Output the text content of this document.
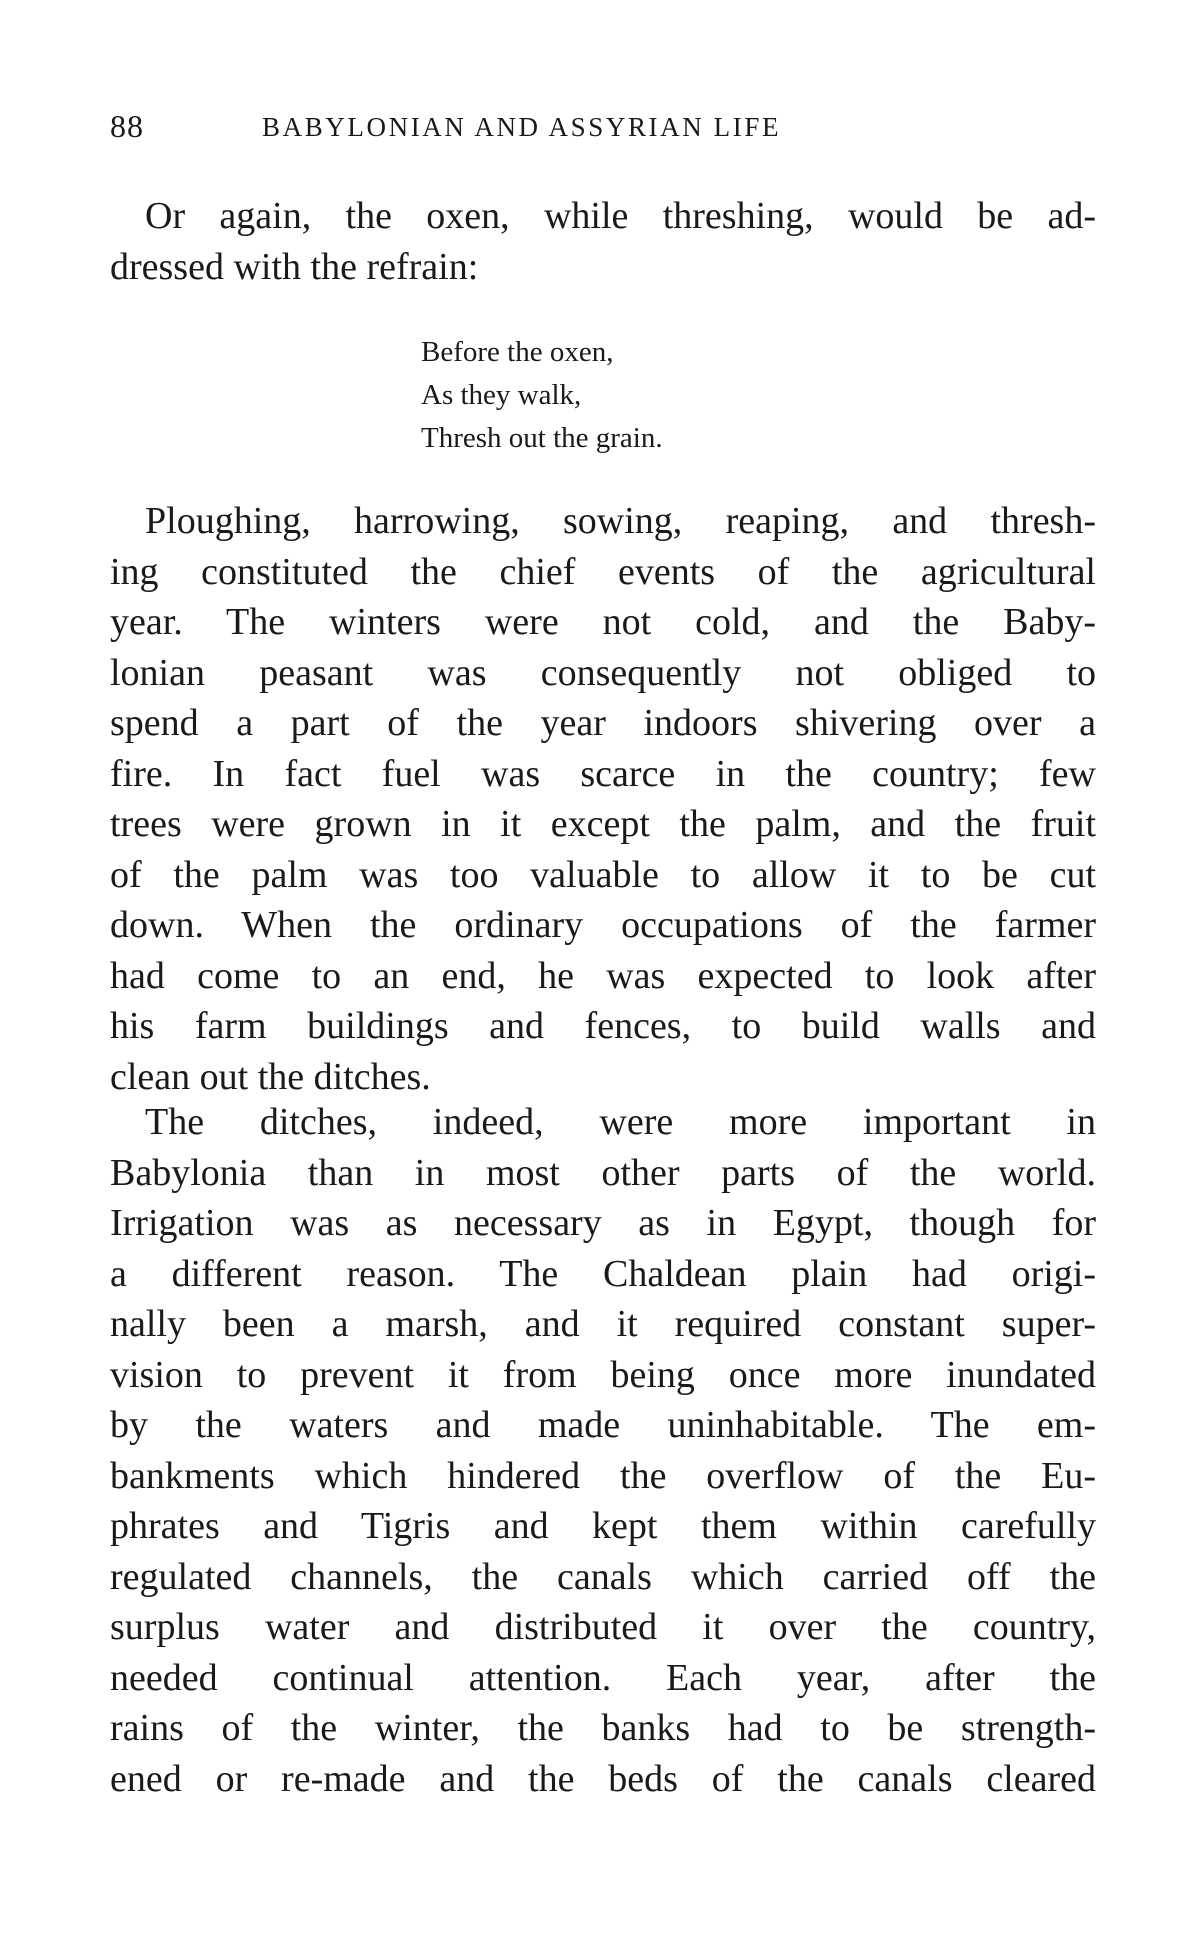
88	BABYLONIAN AND ASSYRIAN LIFE
Or again, the oxen, while threshing, would be ad-
dressed with the refrain:
Before the oxen,
As they walk,
Thresh out the grain.
Ploughing, harrowing, sowing, reaping, and thresh-
ing constituted the chief events of the agricultural
year. The winters were not cold, and the Baby-
lonian peasant was consequently not obliged to
spend a part of the year indoors shivering over a
fire. In fact fuel was scarce in the country; few
trees were grown in it except the palm, and the fruit
of the palm was too valuable to allow it to be cut
down. When the ordinary occupations of the farmer
had come to an end, he was expected to look after
his farm buildings and fences, to build walls and
clean out the ditches.
The ditches, indeed, were more important in
Babylonia than in most other parts of the world.
Irrigation was as necessary as in Egypt, though for
a different reason. The Chaldean plain had origi-
nally been a marsh, and it required constant super-
vision to prevent it from being once more inundated
by the waters and made uninhabitable. The em-
bankments which hindered the overflow of the Eu-
phrates and Tigris and kept them within carefully
regulated channels, the canals which carried off the
surplus water and distributed it over the country,
needed continual attention. Each year, after the
rains of the winter, the banks had to be strength-
ened or re-made and the beds of the canals cleared
